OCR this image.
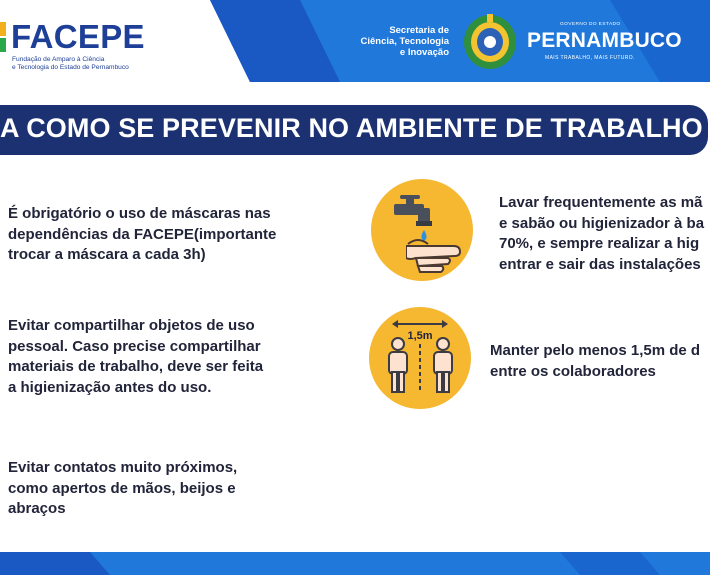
FACEPE
Fundação de Amparo à Ciência
e Tecnologia do Estado de Pernambuco
Secretaria de
Ciência, Tecnologia
e Inovação
GOVERNO DO ESTADO
PERNAMBUCO
MAIS TRABALHO, MAIS FUTURO.
A COMO SE PREVENIR NO AMBIENTE DE TRABALHO
É obrigatório o uso de máscaras nas
dependências da FACEPE(importante
trocar a máscara a cada 3h)
Evitar compartilhar objetos de uso
pessoal. Caso precise compartilhar
materiais de trabalho, deve ser feita
a higienização antes do uso.
Evitar contatos muito próximos,
como apertos de mãos, beijos e
abraços
Lavar frequentemente as mã
e sabão ou higienizador à ba
70%, e sempre realizar a hig
entrar e sair das instalações
1,5m
Manter pelo menos 1,5m de d
entre os colaboradores
